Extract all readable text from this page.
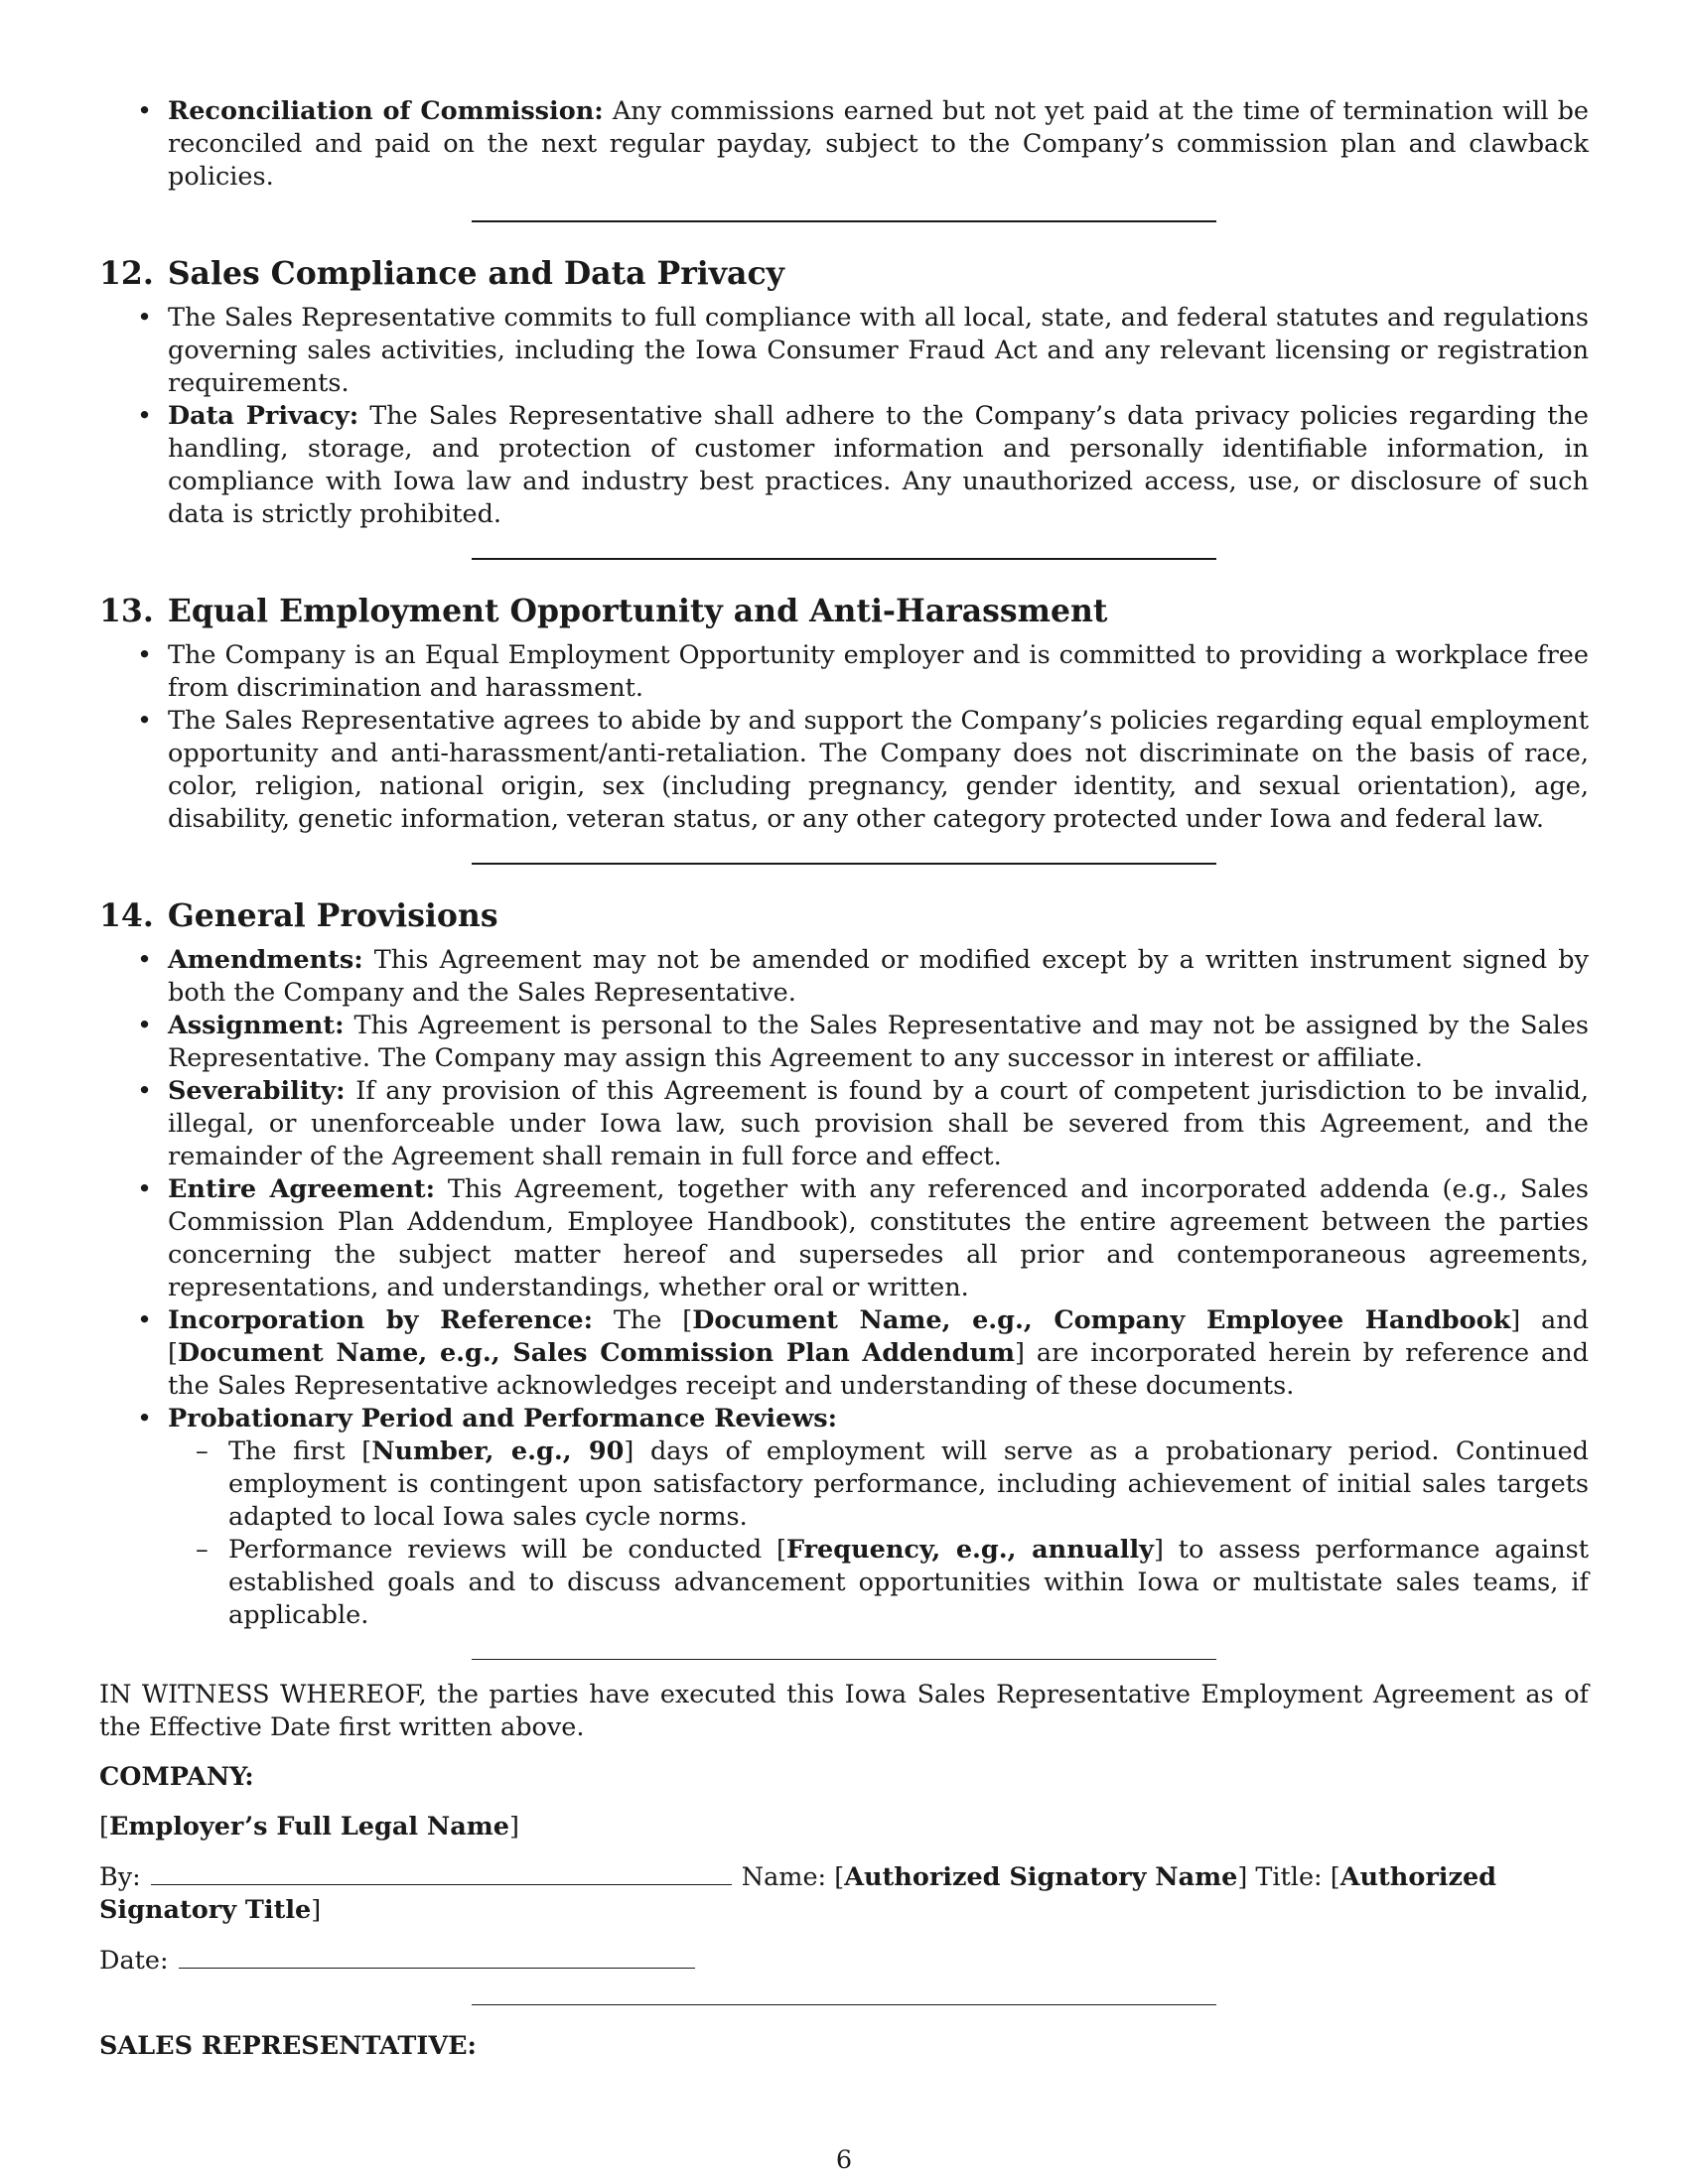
• Reconciliation of Commission: Any commissions earned but not yet paid at the time of termination will be reconciled and paid on the next regular payday, subject to the Company’s commission plan and clawback policies.
12. Sales Compliance and Data Privacy
• The Sales Representative commits to full compliance with all local, state, and federal statutes and regulations governing sales activities, including the Iowa Consumer Fraud Act and any relevant licensing or registration requirements.
• Data Privacy: The Sales Representative shall adhere to the Company’s data privacy policies regarding the handling, storage, and protection of customer information and personally identifiable information, in compliance with Iowa law and industry best practices. Any unauthorized access, use, or disclosure of such data is strictly prohibited.
13. Equal Employment Opportunity and Anti-Harassment
• The Company is an Equal Employment Opportunity employer and is committed to providing a workplace free from discrimination and harassment.
• The Sales Representative agrees to abide by and support the Company’s policies regarding equal employment opportunity and anti-harassment/anti-retaliation. The Company does not discriminate on the basis of race, color, religion, national origin, sex (including pregnancy, gender identity, and sexual orientation), age, disability, genetic information, veteran status, or any other category protected under Iowa and federal law.
14. General Provisions
• Amendments: This Agreement may not be amended or modified except by a written instrument signed by both the Company and the Sales Representative.
• Assignment: This Agreement is personal to the Sales Representative and may not be assigned by the Sales Representative. The Company may assign this Agreement to any successor in interest or affiliate.
• Severability: If any provision of this Agreement is found by a court of competent jurisdiction to be invalid, illegal, or unenforceable under Iowa law, such provision shall be severed from this Agreement, and the remainder of the Agreement shall remain in full force and effect.
• Entire Agreement: This Agreement, together with any referenced and incorporated addenda (e.g., Sales Commission Plan Addendum, Employee Handbook), constitutes the entire agreement between the parties concerning the subject matter hereof and supersedes all prior and contemporaneous agreements, representations, and understandings, whether oral or written.
• Incorporation by Reference: The [Document Name, e.g., Company Employee Handbook] and [Document Name, e.g., Sales Commission Plan Addendum] are incorporated herein by reference and the Sales Representative acknowledges receipt and understanding of these documents.
• Probationary Period and Performance Reviews:
– The first [Number, e.g., 90] days of employment will serve as a probationary period. Continued employment is contingent upon satisfactory performance, including achievement of initial sales targets adapted to local Iowa sales cycle norms.
– Performance reviews will be conducted [Frequency, e.g., annually] to assess performance against established goals and to discuss advancement opportunities within Iowa or multistate sales teams, if applicable.

IN WITNESS WHEREOF, the parties have executed this Iowa Sales Representative Employment Agreement as of the Effective Date first written above.

COMPANY:

[Employer’s Full Legal Name]

By:	Name: [Authorized Signatory Name] Title: [Authorized Signatory Title]

Date:

SALES REPRESENTATIVE:

6
